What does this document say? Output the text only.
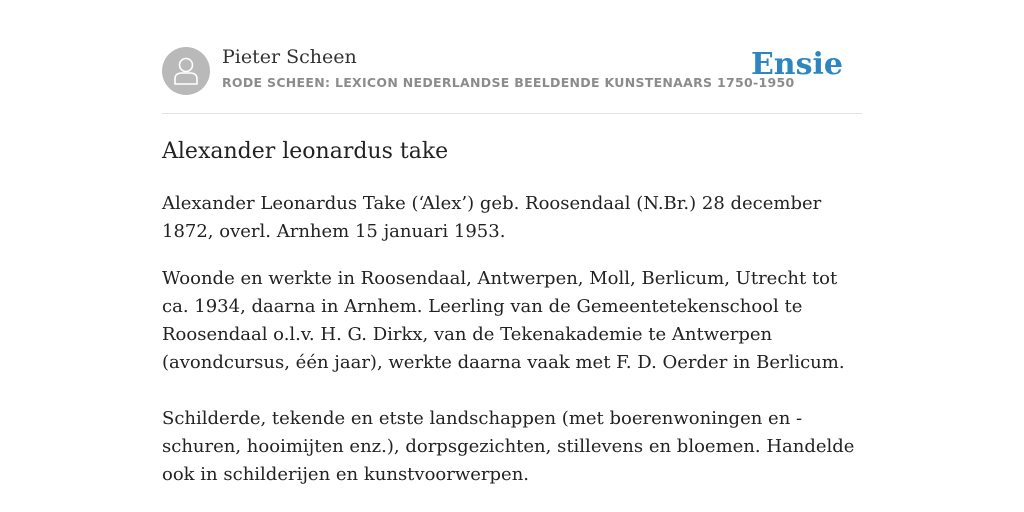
Pieter Scheen
RODE SCHEEN: LEXICON NEDERLANDSE BEELDENDE KUNSTENAARS 1750-1950
Ensie
Alexander leonardus take

Alexander Leonardus Take (‘Alex’) geb. Roosendaal (N.Br.) 28 december 1872, overl. Arnhem 15 januari 1953.

Woonde en werkte in Roosendaal, Antwerpen, Moll, Berlicum, Utrecht tot ca. 1934, daarna in Arnhem. Leerling van de Gemeentetekenschool te Roosendaal o.l.v. H. G. Dirkx, van de Tekenakademie te Antwerpen (avondcursus, één jaar), werkte daarna vaak met F. D. Oerder in Berlicum.

Schilderde, tekende en etste landschappen (met boerenwoningen en -schuren, hooimijten enz.), dorpsgezichten, stillevens en bloemen. Handelde ook in schilderijen en kunstvoorwerpen.
